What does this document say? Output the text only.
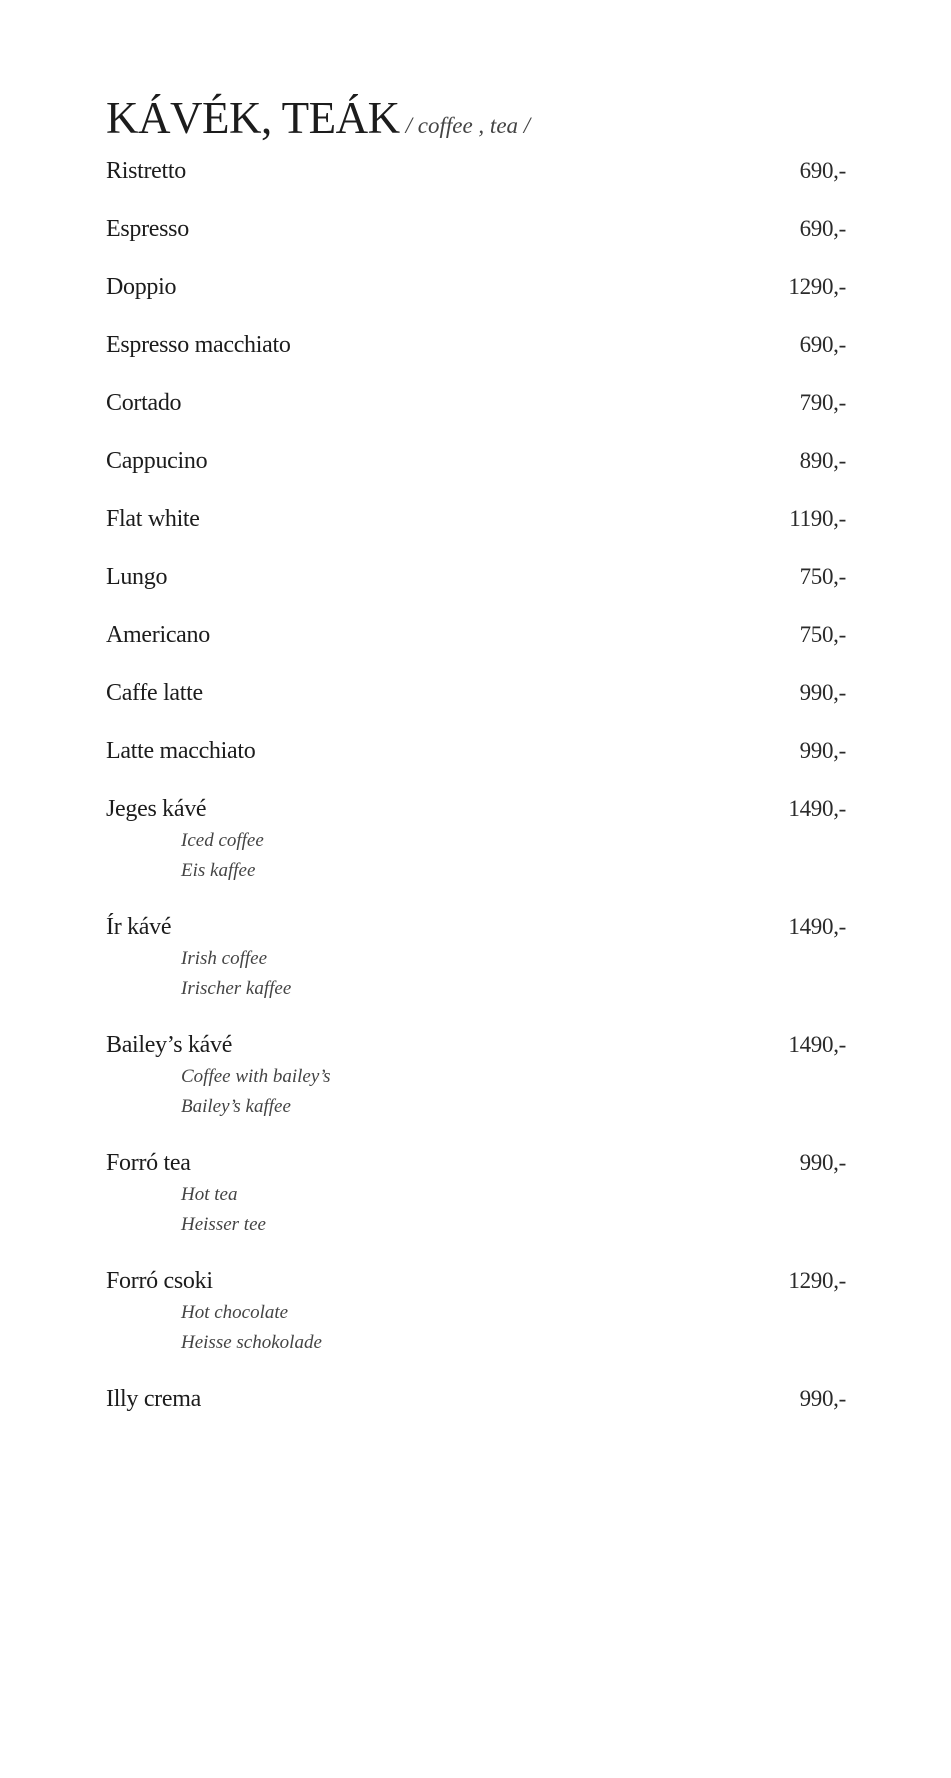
KÁVÉK, TEÁK / coffee , tea /
Ristretto	690,-
Espresso	690,-
Doppio	1290,-
Espresso macchiato	690,-
Cortado	790,-
Cappucino	890,-
Flat white	1190,-
Lungo	750,-
Americano	750,-
Caffe latte	990,-
Latte macchiato	990,-
Jeges kávé	1490,-
Iced coffee
Eis kaffee
Ír kávé	1490,-
Irish coffee
Irischer kaffee
Bailey’s kávé	1490,-
Coffee with bailey’s
Bailey’s kaffee
Forró tea	990,-
Hot tea
Heisser tee
Forró csoki	1290,-
Hot chocolate
Heisse schokolade
Illy crema	990,-
